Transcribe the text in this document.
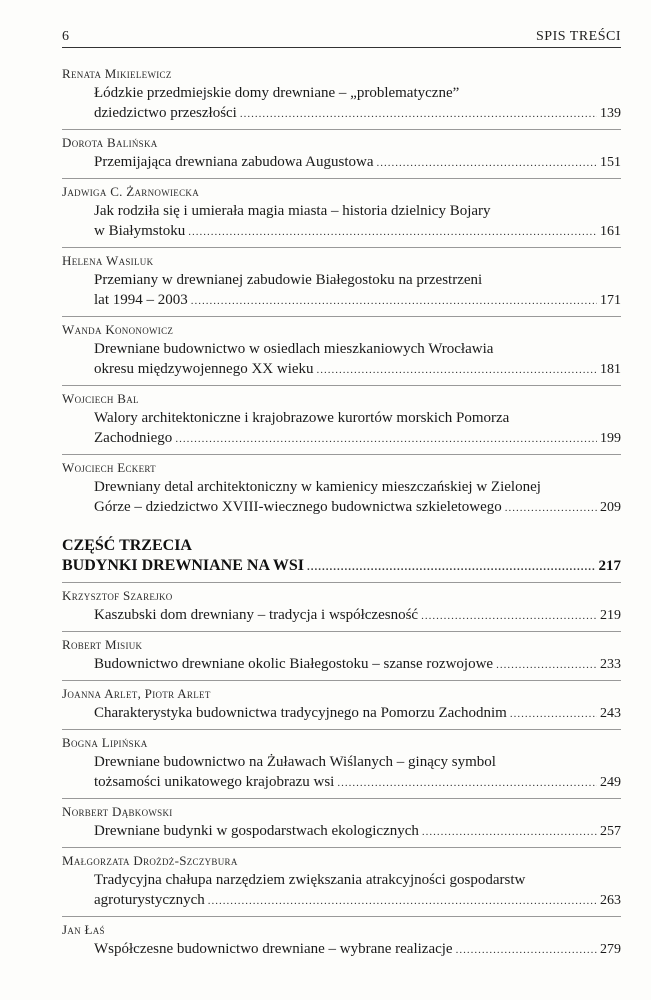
6	SPIS TREŚCI
Renata Mikielewicz
Łódzkie przedmiejskie domy drewniane – „problematyczne”
dziedzictwo przeszłości .....	139
Dorota Balińska
Przemijająca drewniana zabudowa Augustowa .....	151
Jadwiga C. Żarnowiecka
Jak rodziła się i umierała magia miasta – historia dzielnicy Bojary
w Białymstoku .....	161
Helena Wasiluk
Przemiany w drewnianej zabudowie Białegostoku na przestrzeni
lat 1994 – 2003 .....	171
Wanda Kononowicz
Drewniane budownictwo w osiedlach mieszkaniowych Wrocławia
okresu międzywojennego XX wieku .....	181
Wojciech Bal
Walory architektoniczne i krajobrazowe kurortów morskich Pomorza
Zachodniego .....	199
Wojciech Eckert
Drewniany detal architektoniczny w kamienicy mieszczańskiej w Zielonej
Górze – dziedzictwo XVIII-wiecznego budownictwa szkieletowego .....	209
CZĘŚĆ TRZECIA
BUDYNKI DREWNIANE NA WSI .....	217
Krzysztof Szarejko
Kaszubski dom drewniany – tradycja i współczesność .....	219
Robert Misiuk
Budownictwo drewniane okolic Białegostoku – szanse rozwojowe .....	233
Joanna Arlet, Piotr Arlet
Charakterystyka budownictwa tradycyjnego na Pomorzu Zachodnim .....	243
Bogna Lipińska
Drewniane budownictwo na Żuławach Wiślanych – ginący symbol
tożsamości unikatowego krajobrazu wsi .....	249
Norbert Dąbkowski
Drewniane budynki w gospodarstwach ekologicznych .....	257
Małgorzata Drożdż-Szczybura
Tradycyjna chałupa narzędziem zwiększania atrakcyjności gospodarstw
agroturystycznych .....	263
Jan Łaś
Współczesne budownictwo drewniane – wybrane realizacje .....	279
